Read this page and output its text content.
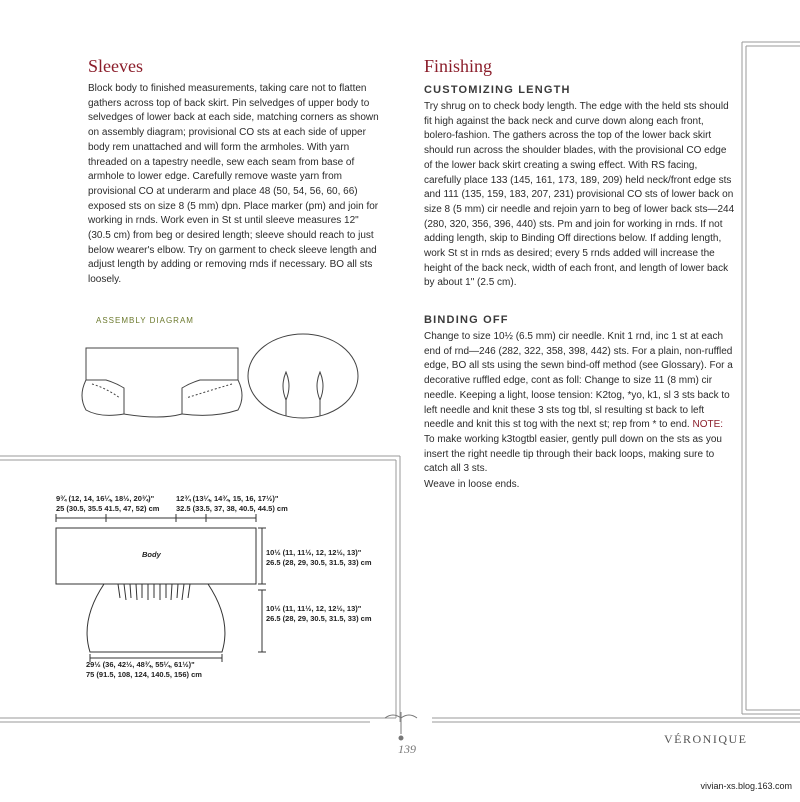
Sleeves

Block body to finished measurements, taking care not to flatten gathers across top of back skirt. Pin selvedges of upper body to selvedges of lower back at each side, matching corners as shown on assembly diagram; provisional CO sts at each side of upper body rem unattached and will form the armholes. With yarn threaded on a tapestry needle, sew each seam from base of armhole to lower edge. Carefully remove waste yarn from provisional CO at underarm and place 48 (50, 54, 56, 60, 66) exposed sts on size 8 (5 mm) dpn. Place marker (pm) and join for working in rnds. Work even in St st until sleeve measures 12" (30.5 cm) from beg or desired length; sleeve should reach to just below wearer's elbow. Try on garment to check sleeve length and adjust length by adding or removing rnds if necessary. BO all sts loosely.

Finishing

CUSTOMIZING LENGTH

Try shrug on to check body length. The edge with the held sts should fit high against the back neck and curve down along each front, bolero-fashion. The gathers across the top of the lower back skirt should run across the shoulder blades, with the provisional CO edge of the lower back skirt creating a swing effect. With RS facing, carefully place 133 (145, 161, 173, 189, 209) held neck/front edge sts and 111 (135, 159, 183, 207, 231) provisional CO sts of lower back on size 8 (5 mm) cir needle and rejoin yarn to beg of lower back sts—244 (280, 320, 356, 396, 440) sts. Pm and join for working in rnds. If not adding length, skip to Binding Off directions below. If adding length, work St st in rnds as desired; every 5 rnds added will increase the height of the back neck, width of each front, and length of lower back by about 1" (2.5 cm).

BINDING OFF

Change to size 10½ (6.5 mm) cir needle. Knit 1 rnd, inc 1 st at each end of rnd—246 (282, 322, 358, 398, 442) sts. For a plain, non-ruffled edge, BO all sts using the sewn bind-off method (see Glossary). For a decorative ruffled edge, cont as foll: Change to size 11 (8 mm) cir needle. Keeping a light, loose tension: K2tog, *yo, k1, sl 3 sts back to left needle and knit these 3 sts tog tbl, sl resulting st back to left needle and knit this st tog with the next st; rep from * to end. NOTE: To make working k3togtbl easier, gently pull down on the sts as you insert the right needle tip through their back loops, making sure to catch all 3 sts.

Weave in loose ends.

ASSEMBLY DIAGRAM
9¾ (12, 14, 16¼, 18½, 20¾)"
25 (30.5, 35.5 41.5, 47, 52) cm
12¾ (13¼, 14¾, 15, 16, 17½)"
32.5 (33.5, 37, 38, 40.5, 44.5) cm
Body	10½ (11, 11½, 12, 12½, 13)"
26.5 (28, 29, 30.5, 31.5, 33) cm
10½ (11, 11½, 12, 12½, 13)"
26.5 (28, 29, 30.5, 31.5, 33) cm
29½ (36, 42½, 48¾, 55¼, 61½)"
75 (91.5, 108, 124, 140.5, 156) cm
139
VÉRONIQUE
vivian-xs.blog.163.com
